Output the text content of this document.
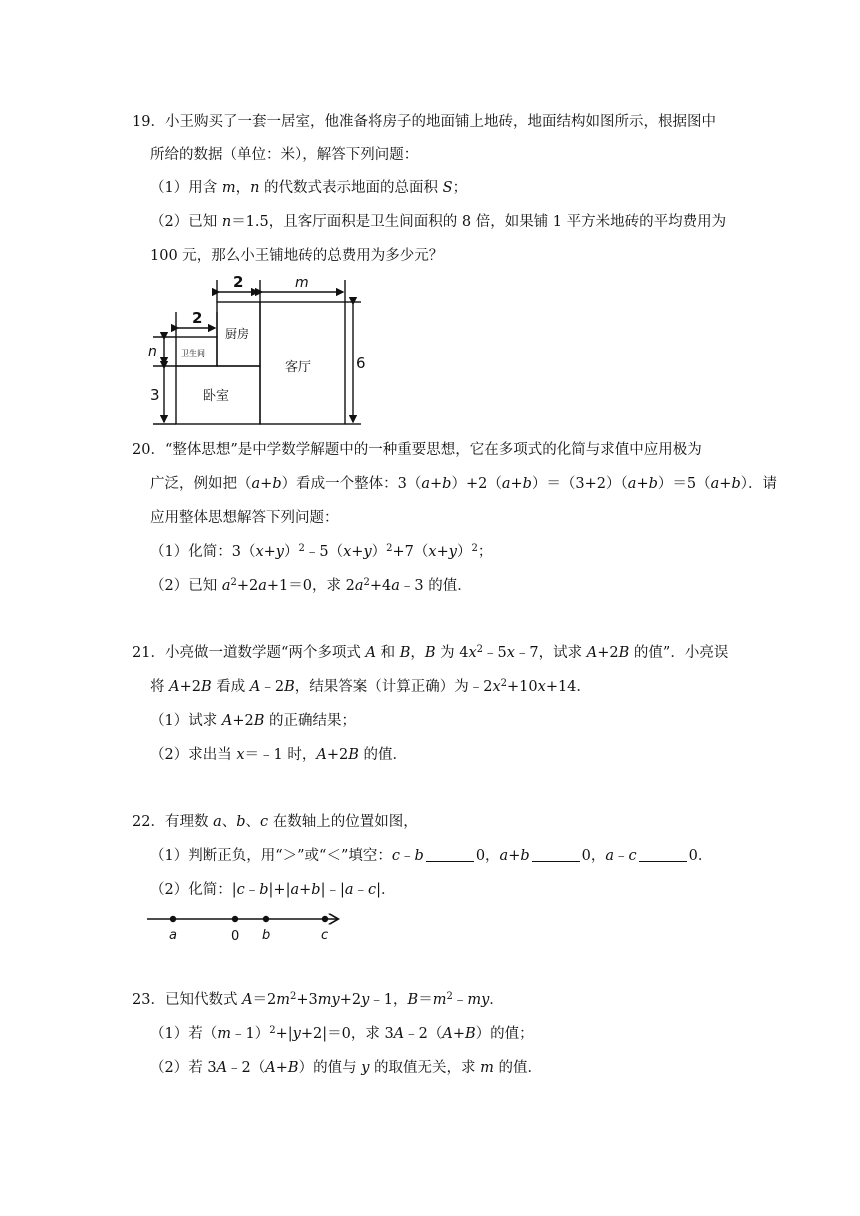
19．小王购买了一套一居室，他准备将房子的地面铺上地砖，地面结构如图所示，根据图中
所给的数据（单位：米），解答下列问题：
（1）用含 m，n 的代数式表示地面的总面积 S；
（2）已知 n＝1.5，且客厅面积是卫生间面积的 8 倍，如果铺 1 平方米地砖的平均费用为
100 元，那么小王铺地砖的总费用为多少元？
2	m
2
n
3
6
卫生间
厨房
客厅
卧室
20．“整体思想”是中学数学解题中的一种重要思想，它在多项式的化简与求值中应用极为
广泛，例如把（a+b）看成一个整体：3（a+b）+2（a+b）＝（3+2）（a+b）＝5（a+b）．请
应用整体思想解答下列问题：
（1）化简：$3(x+y)^2﹣5(x+y)^2+7(x+y)^2$；
（2）已知 $a^2+2a+1=0$，求 $2a^2+4a﹣3$ 的值．
21．小亮做一道数学题“两个多项式 A 和 B，B 为 $4x^2﹣5x﹣7$，试求 A+2B 的值”．小亮误
将 A+2B 看成 A﹣2B，结果答案（计算正确）为$﹣2x^2+10x+14$．
（1）试求 A+2B 的正确结果；
（2）求出当 x＝﹣1 时，A+2B 的值．
22．有理数 a、b、c 在数轴上的位置如图，
（1）判断正负，用“＞”或“＜”填空：c﹣b	0，a+b	0，a﹣c	0．
（2）化简：|c﹣b|+|a+b|﹣|a﹣c|．
a	0 b	c
23．已知代数式 $A=2m^2+3my+2y﹣1$，$B=m^2﹣my$．
（1）若（m﹣1）$^2$+|y+2|＝0，求 3A﹣2（A+B）的值；
（2）若 3A﹣2（A+B）的值与 y 的取值无关，求 m 的值．
